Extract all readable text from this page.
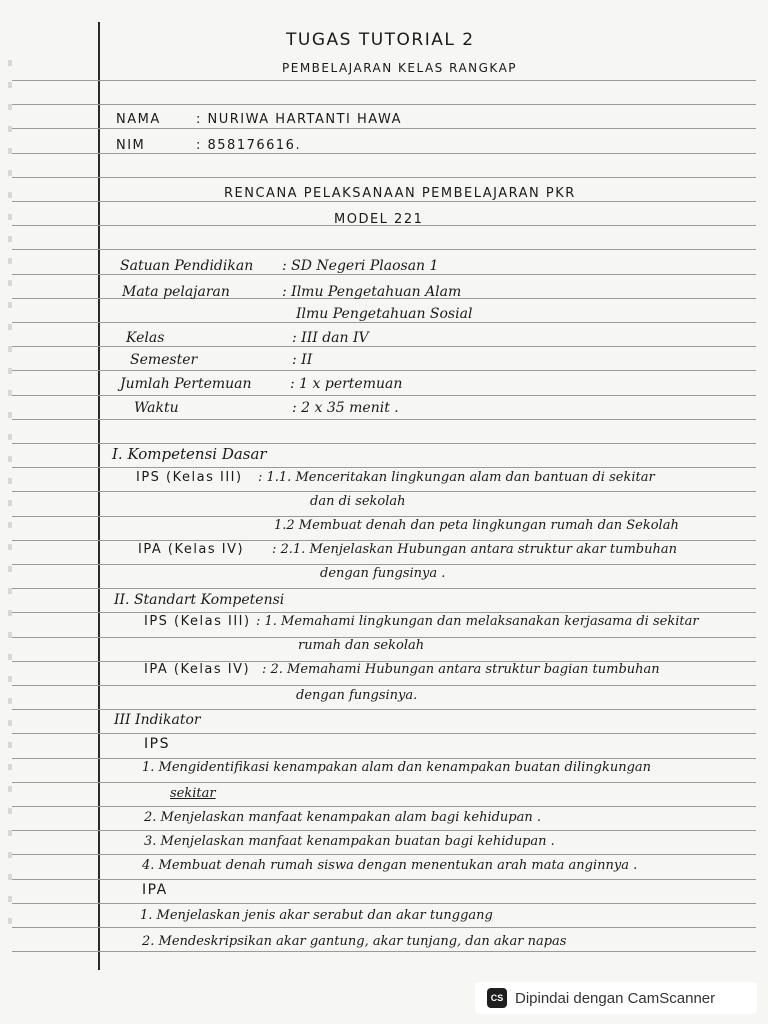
TUGAS TUTORIAL 2
PEMBELAJARAN KELAS RANGKAP
NAMA	: NURIWA HARTANTI HAWA
NIM	: 858176616.
RENCANA PELAKSANAAN PEMBELAJARAN PKR
MODEL 221
Satuan Pendidikan : SD Negeri Plaosan 1
Mata pelajaran	: Ilmu Pengetahuan Alam
Ilmu Pengetahuan Sosial
Kelas	: III dan IV
Semester	: II
Jumlah Pertemuan	: 1 x pertemuan
Waktu	: 2 x 35 menit .
I. Kompetensi Dasar
IPS (Kelas III) : 1.1. Menceritakan lingkungan alam dan bantuan di sekitar
dan di sekolah
1.2 Membuat denah dan peta lingkungan rumah dan Sekolah
IPA (Kelas IV) : 2.1. Menjelaskan Hubungan antara struktur akar tumbuhan
dengan fungsinya .
II. Standart Kompetensi
IPS (Kelas III) : 1. Memahami lingkungan dan melaksanakan kerjasama di sekitar
rumah dan sekolah
IPA (Kelas IV) : 2. Memahami Hubungan antara struktur bagian tumbuhan
dengan fungsinya.
III Indikator
IPS
1. Mengidentifikasi kenampakan alam dan kenampakan buatan dilingkungan
sekitar
2. Menjelaskan manfaat kenampakan alam bagi kehidupan .
3. Menjelaskan manfaat kenampakan buatan bagi kehidupan .
4. Membuat denah rumah siswa dengan menentukan arah mata anginnya .
IPA
1. Menjelaskan jenis akar serabut dan akar tunggang
2. Mendeskripsikan akar gantung, akar tunjang, dan akar napas
CS Dipindai dengan CamScanner
